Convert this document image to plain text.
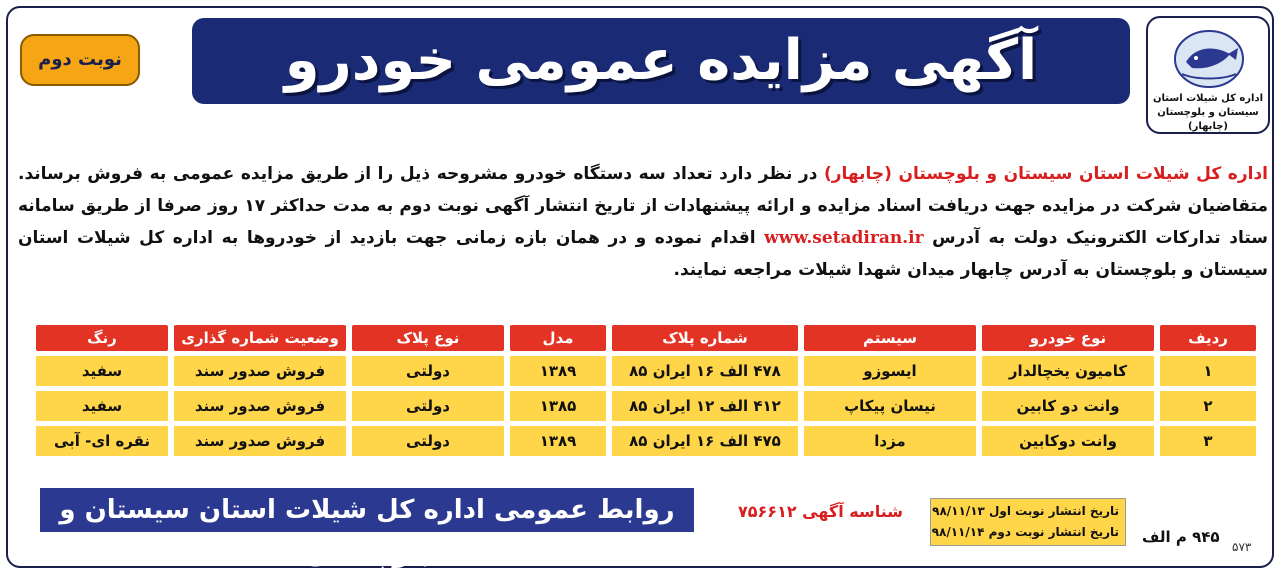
اداره کل شیلات استان سیستان و بلوچستان (چابهار)
آگهی مزایده عمومی خودرو
نوبت دوم
اداره کل شیلات استان سیستان و بلوچستان (چابهار) در نظر دارد تعداد سه دستگاه خودرو مشروحه ذیل را از طریق مزایده عمومی به فروش برساند. متقاضیان شرکت در مزایده جهت دریافت اسناد مزایده و ارائه پیشنهادات از تاریخ انتشار آگهی نوبت دوم به مدت حداکثر ۱۷ روز صرفا از طریق سامانه ستاد تدارکات الکترونیک دولت به آدرس www.setadiran.ir اقدام نموده و در همان بازه زمانی جهت بازدید از خودروها به اداره کل شیلات استان سیستان و بلوچستان به آدرس چابهار میدان شهدا شیلات مراجعه نمایند.
ردیف	نوع خودرو	سیستم	شماره پلاک	مدل	نوع پلاک	وضعیت شماره گذاری	رنگ
۱	کامیون یخچالدار	ایسوزو	۴۷۸ الف ۱۶ ایران ۸۵	۱۳۸۹	دولتی	فروش صدور سند	سفید
۲	وانت دو کابین	نیسان پیکاپ	۴۱۲ الف ۱۲ ایران ۸۵	۱۳۸۵	دولتی	فروش صدور سند	سفید
۳	وانت دوکابین	مزدا	۴۷۵ الف ۱۶ ایران ۸۵	۱۳۸۹	دولتی	فروش صدور سند	نقره ای- آبی
روابط عمومی اداره کل شیلات استان سیستان و بلوچستان
شناسه آگهی ۷۵۶۶۱۲ تاریخ انتشار نوبت اول ۹۸/۱۱/۱۳
تاریخ انتشار نوبت دوم ۹۸/۱۱/۱۴ ۹۴۵ م الف
۵۷۳
